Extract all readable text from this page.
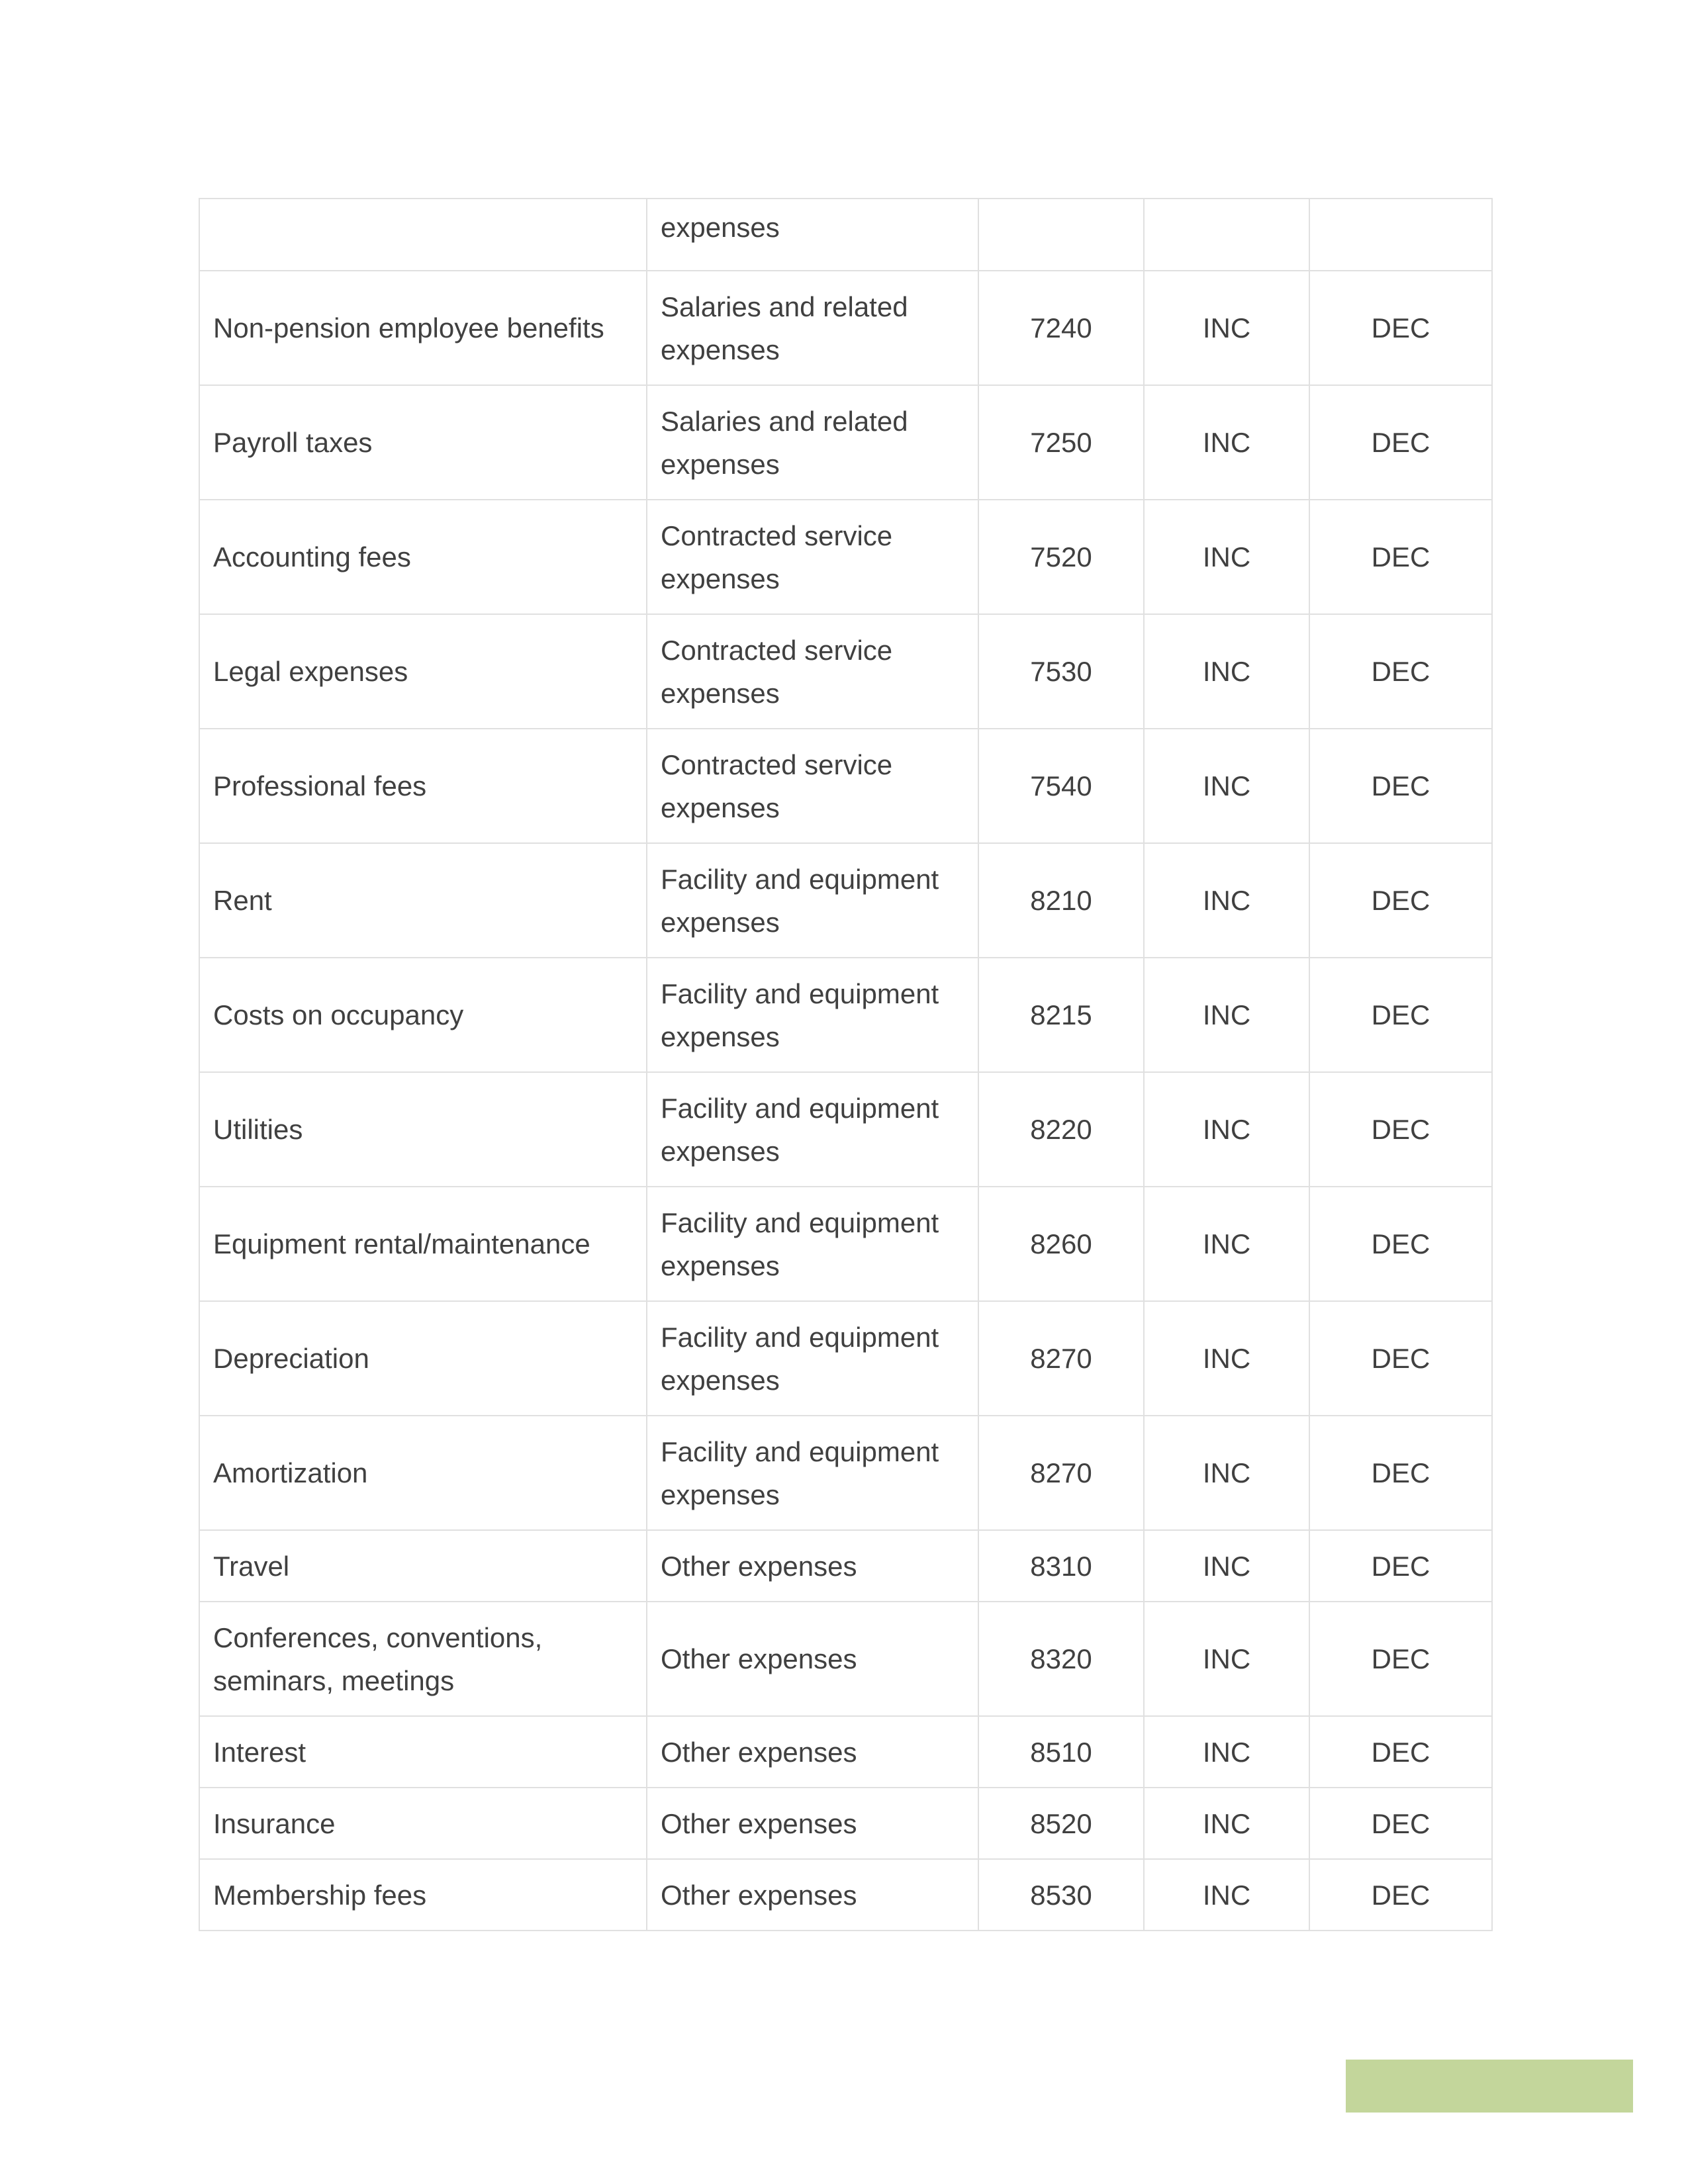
	expenses			
Non-pension employee benefits	Salaries and related expenses	7240	INC	DEC
Payroll taxes	Salaries and related expenses	7250	INC	DEC
Accounting fees	Contracted service expenses	7520	INC	DEC
Legal expenses	Contracted service expenses	7530	INC	DEC
Professional fees	Contracted service expenses	7540	INC	DEC
Rent	Facility and equipment expenses	8210	INC	DEC
Costs on occupancy	Facility and equipment expenses	8215	INC	DEC
Utilities	Facility and equipment expenses	8220	INC	DEC
Equipment rental/maintenance	Facility and equipment expenses	8260	INC	DEC
Depreciation	Facility and equipment expenses	8270	INC	DEC
Amortization	Facility and equipment expenses	8270	INC	DEC
Travel	Other expenses	8310	INC	DEC
Conferences, conventions, seminars, meetings	Other expenses	8320	INC	DEC
Interest	Other expenses	8510	INC	DEC
Insurance	Other expenses	8520	INC	DEC
Membership fees	Other expenses	8530	INC	DEC
